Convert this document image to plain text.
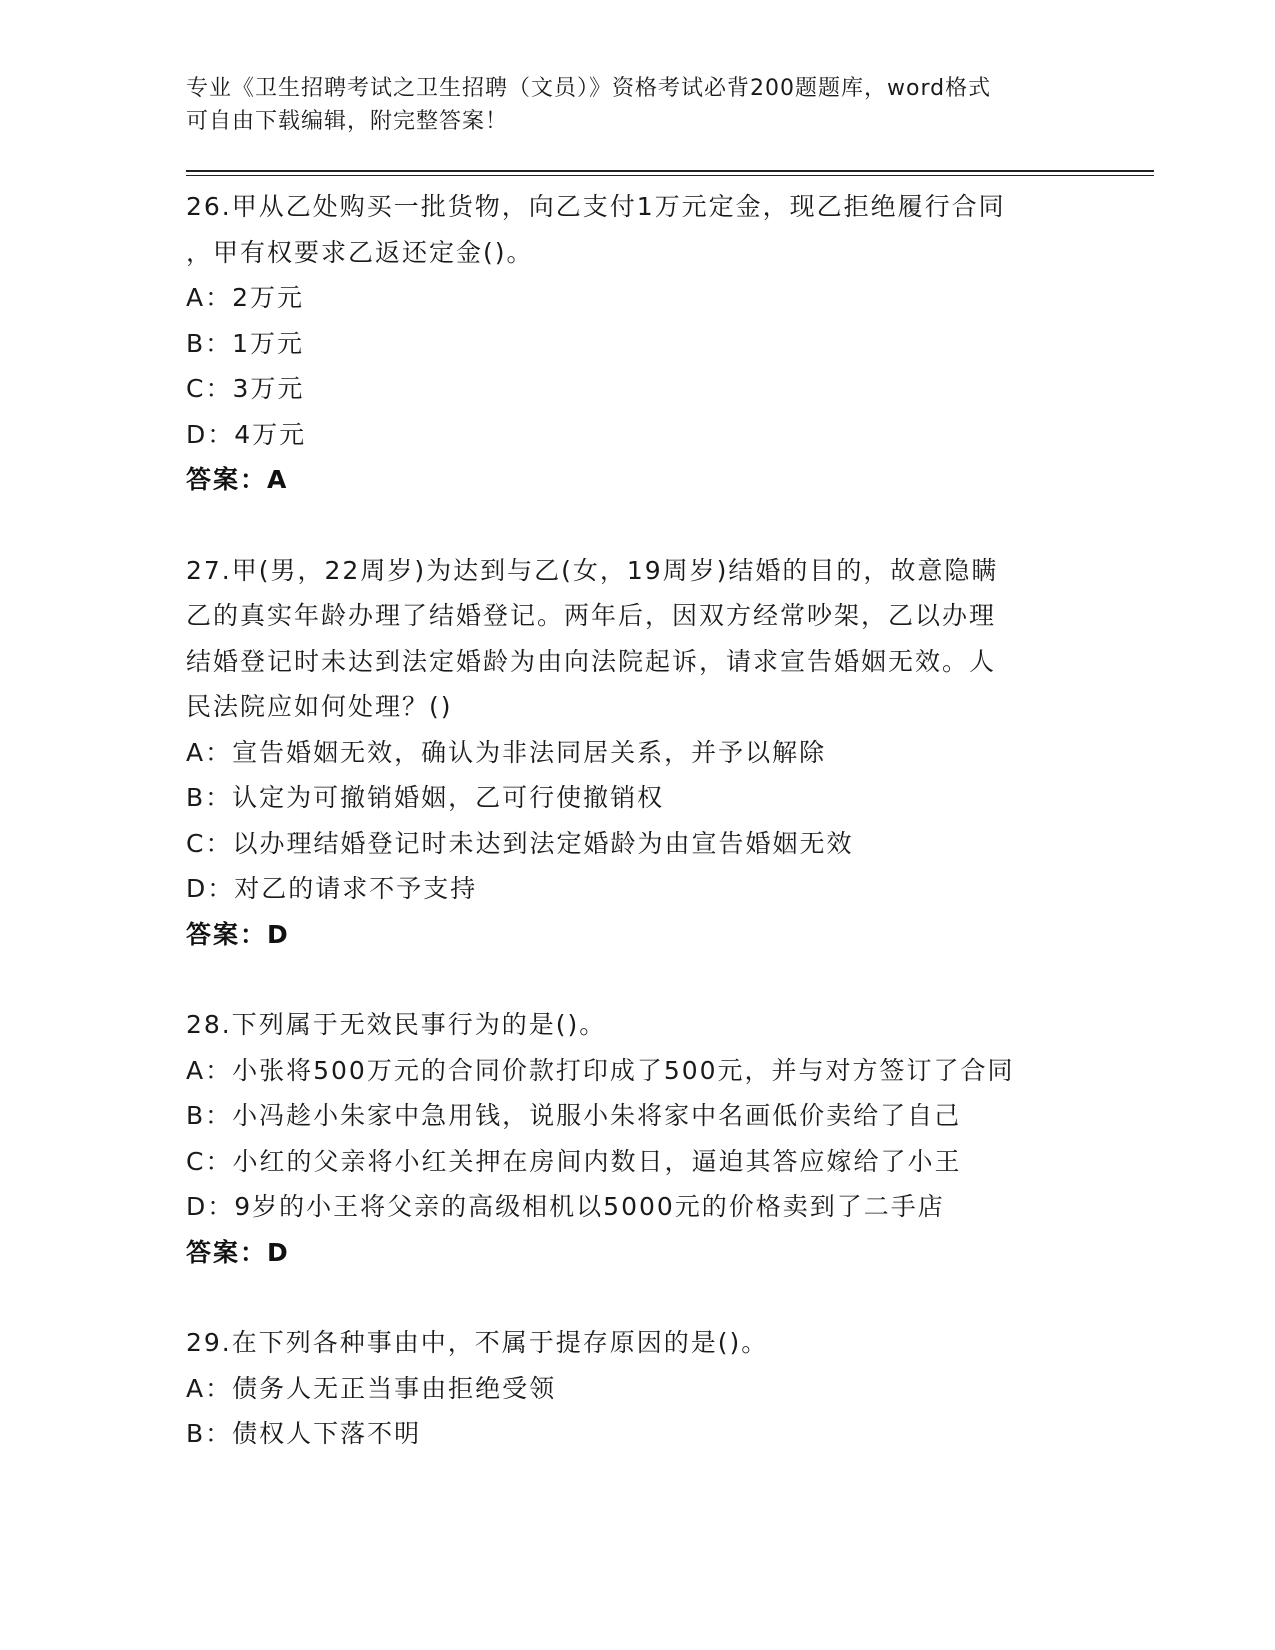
专业《卫生招聘考试之卫生招聘（文员）》资格考试必背200题题库，word格式
可自由下载编辑，附完整答案！
26.甲从乙处购买一批货物，向乙支付1万元定金，现乙拒绝履行合同
，甲有权要求乙返还定金()。
A：2万元
B：1万元
C：3万元
D：4万元
答案：A
27.甲(男，22周岁)为达到与乙(女，19周岁)结婚的目的，故意隐瞒
乙的真实年龄办理了结婚登记。两年后，因双方经常吵架，乙以办理
结婚登记时未达到法定婚龄为由向法院起诉，请求宣告婚姻无效。人
民法院应如何处理？()
A：宣告婚姻无效，确认为非法同居关系，并予以解除
B：认定为可撤销婚姻，乙可行使撤销权
C：以办理结婚登记时未达到法定婚龄为由宣告婚姻无效
D：对乙的请求不予支持
答案：D
28.下列属于无效民事行为的是()。
A：小张将500万元的合同价款打印成了500元，并与对方签订了合同
B：小冯趁小朱家中急用钱，说服小朱将家中名画低价卖给了自己
C：小红的父亲将小红关押在房间内数日，逼迫其答应嫁给了小王
D：9岁的小王将父亲的高级相机以5000元的价格卖到了二手店
答案：D
29.在下列各种事由中，不属于提存原因的是()。
A：债务人无正当事由拒绝受领
B：债权人下落不明
